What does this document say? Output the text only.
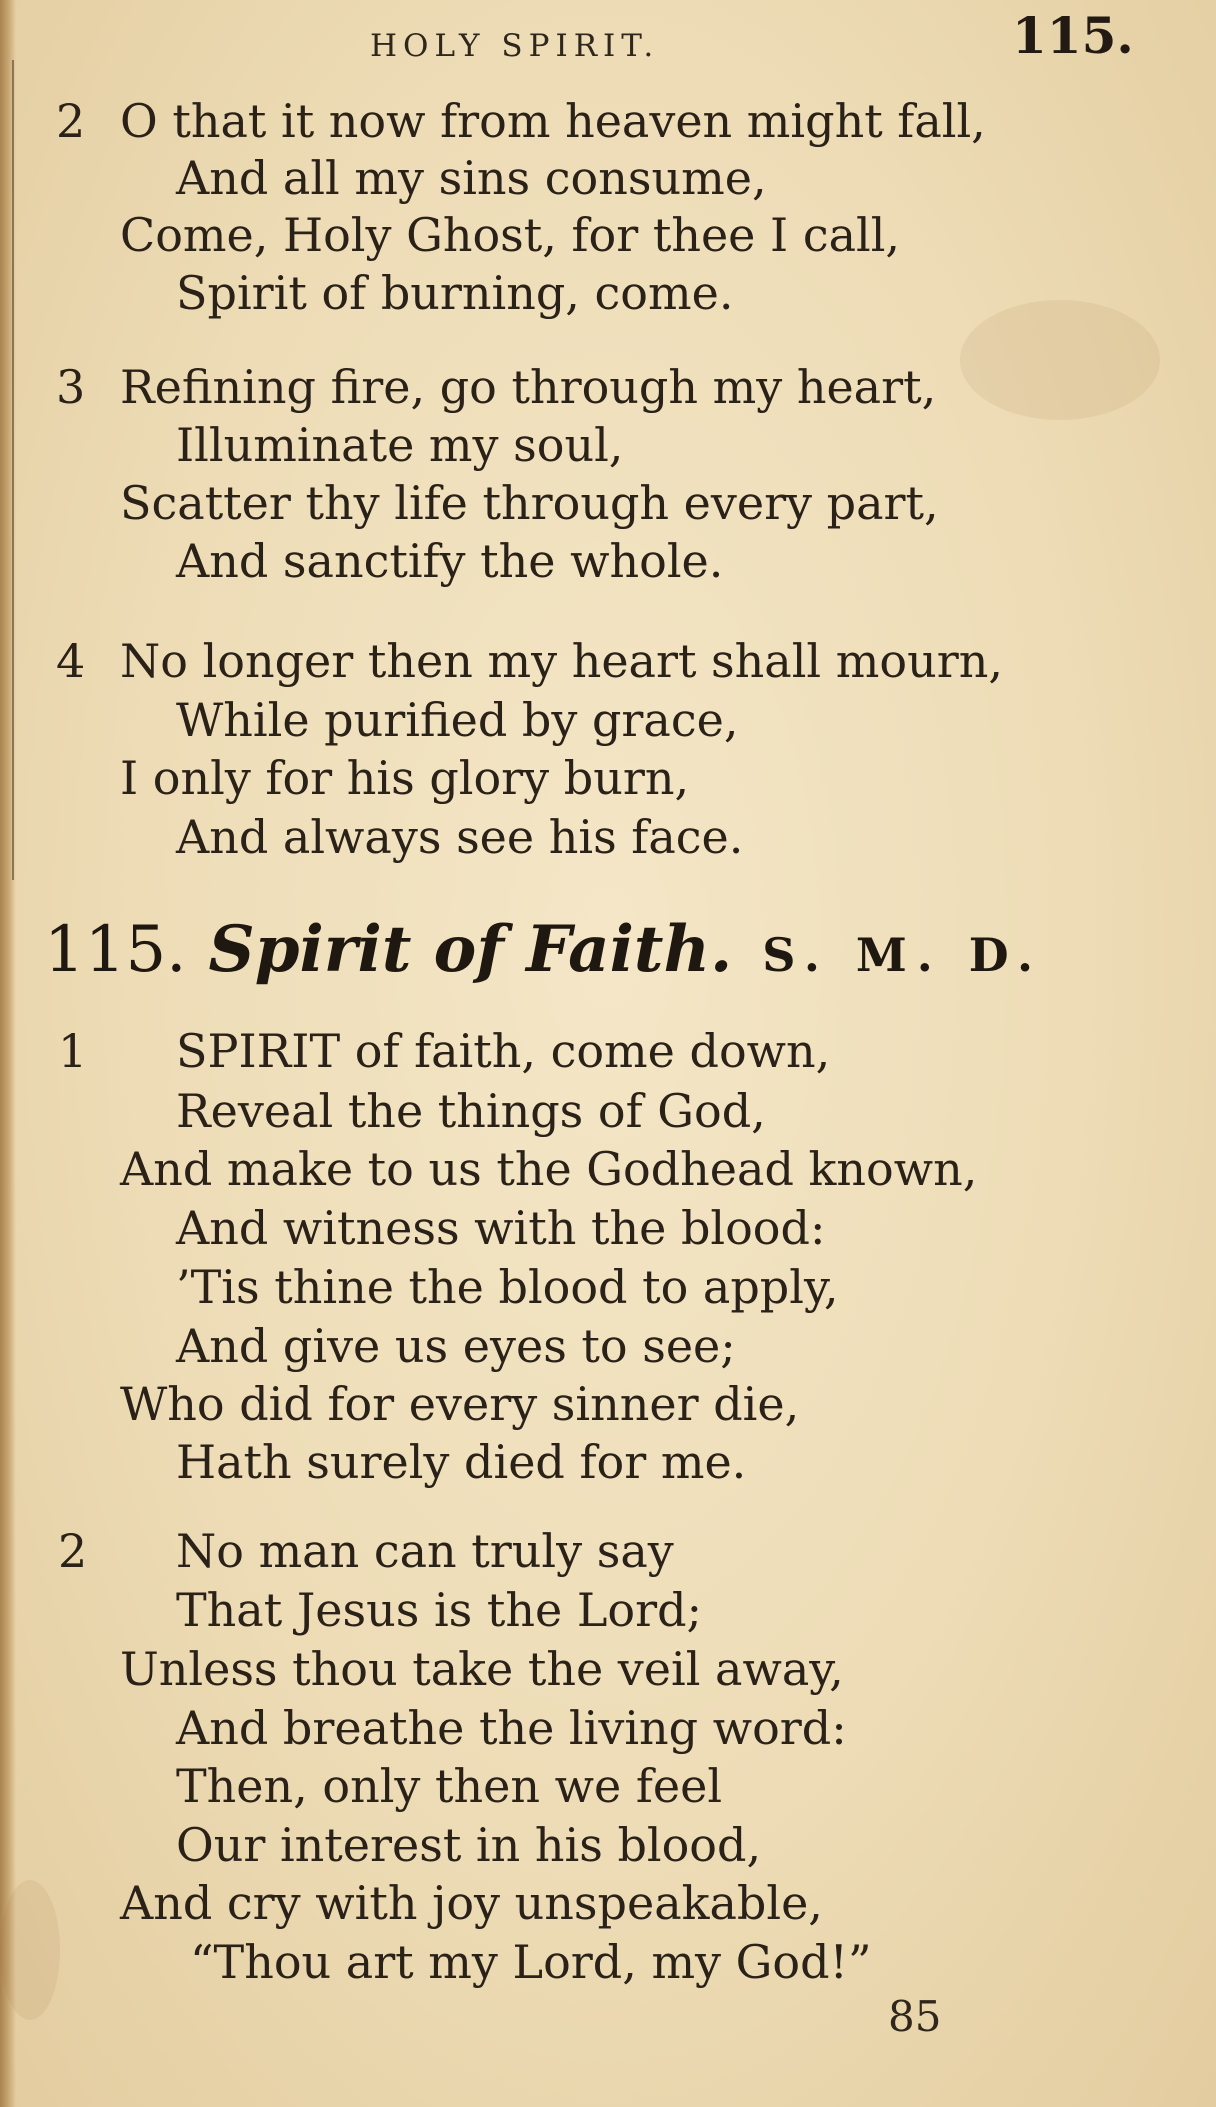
HOLY SPIRIT.	115.
2 O that it now from heaven might fall,
And all my sins consume,
Come, Holy Ghost, for thee I call,
Spirit of burning, come.
3 Refining fire, go through my heart,
Illuminate my soul,
Scatter thy life through every part,
And sanctify the whole.
4 No longer then my heart shall mourn,
While purified by grace,
I only for his glory burn,
And always see his face.
115. Spirit of Faith. S. M. D.
1 SPIRIT of faith, come down,
Reveal the things of God,
And make to us the Godhead known,
And witness with the blood:
’Tis thine the blood to apply,
And give us eyes to see;
Who did for every sinner die,
Hath surely died for me.
2 No man can truly say
That Jesus is the Lord;
Unless thou take the veil away,
And breathe the living word:
Then, only then we feel
Our interest in his blood,
And cry with joy unspeakable,
“Thou art my Lord, my God!”
85
